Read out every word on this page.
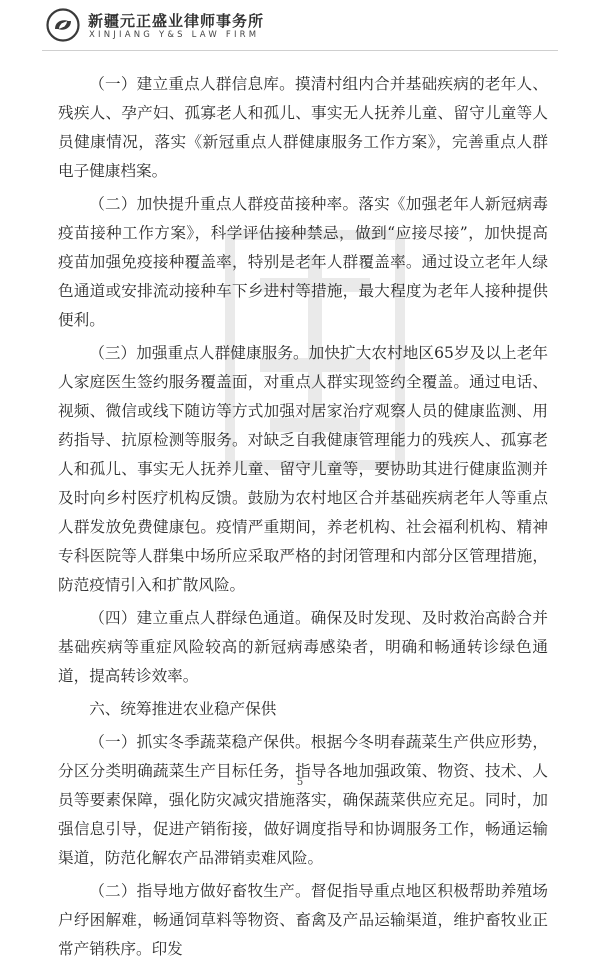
新疆元正盛业律师事务所
XINJIANG Y&S LAW FIRM

（一）建立重点人群信息库。摸清村组内合并基础疾病的老年人、残疾人、孕产妇、孤寡老人和孤儿、事实无人抚养儿童、留守儿童等人员健康情况，落实《新冠重点人群健康服务工作方案》，完善重点人群电子健康档案。

（二）加快提升重点人群疫苗接种率。落实《加强老年人新冠病毒疫苗接种工作方案》，科学评估接种禁忌，做到“应接尽接”，加快提高疫苗加强免疫接种覆盖率，特别是老年人群覆盖率。通过设立老年人绿色通道或安排流动接种车下乡进村等措施，最大程度为老年人接种提供便利。

（三）加强重点人群健康服务。加快扩大农村地区65岁及以上老年人家庭医生签约服务覆盖面，对重点人群实现签约全覆盖。通过电话、视频、微信或线下随访等方式加强对居家治疗观察人员的健康监测、用药指导、抗原检测等服务。对缺乏自我健康管理能力的残疾人、孤寡老人和孤儿、事实无人抚养儿童、留守儿童等，要协助其进行健康监测并及时向乡村医疗机构反馈。鼓励为农村地区合并基础疾病老年人等重点人群发放免费健康包。疫情严重期间，养老机构、社会福利机构、精神专科医院等人群集中场所应采取严格的封闭管理和内部分区管理措施，防范疫情引入和扩散风险。

（四）建立重点人群绿色通道。确保及时发现、及时救治高龄合并基础疾病等重症风险较高的新冠病毒感染者，明确和畅通转诊绿色通道，提高转诊效率。

六、统筹推进农业稳产保供

（一）抓实冬季蔬菜稳产保供。根据今冬明春蔬菜生产供应形势，分区分类明确蔬菜生产目标任务，指导各地加强政策、物资、技术、人员等要素保障，强化防灾减灾措施落实，确保蔬菜供应充足。同时，加强信息引导，促进产销衔接，做好调度指导和协调服务工作，畅通运输渠道，防范化解农产品滞销卖难风险。

（二）指导地方做好畜牧生产。督促指导重点地区积极帮助养殖场户纾困解难，畅通饲草料等物资、畜禽及产品运输渠道，维护畜牧业正常产销秩序。印发

5
